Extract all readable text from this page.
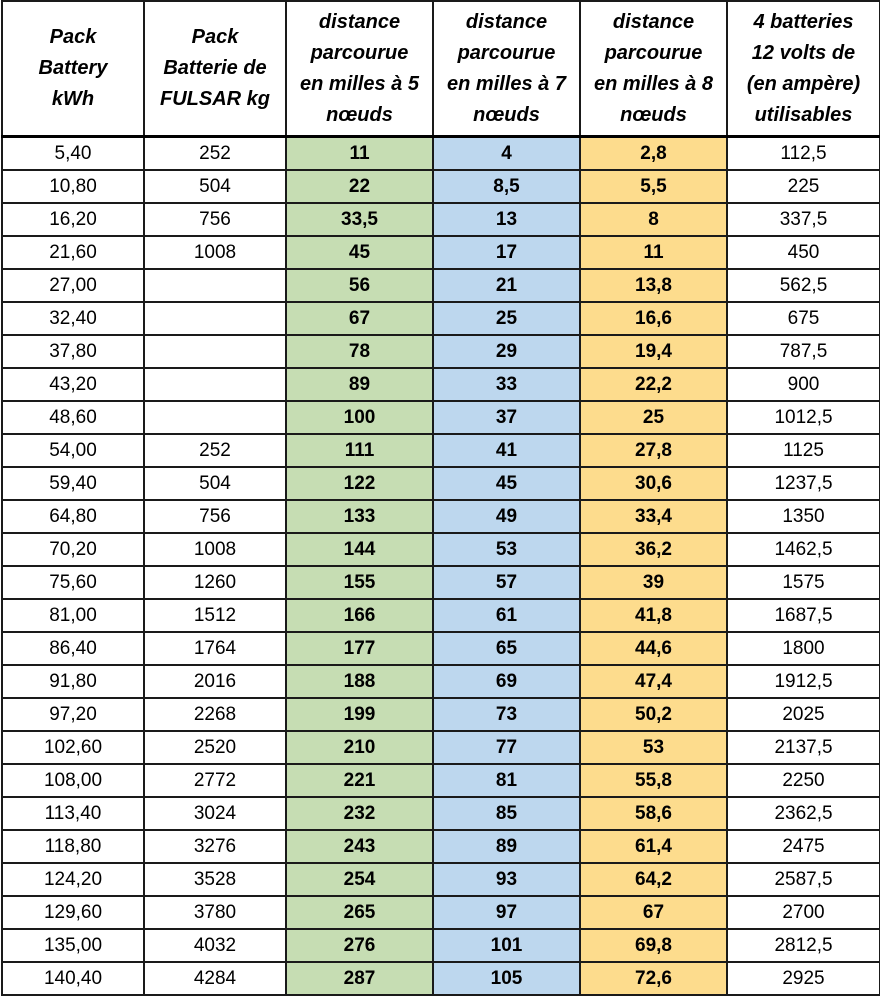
Pack
Battery
kWh	Pack
Batterie de
FULSAR kg	distance
parcourue
en milles à 5
nœuds	distance
parcourue
en milles à 7
nœuds	distance
parcourue
en milles à 8
nœuds	4 batteries
12 volts de
(en ampère)
utilisables
5,40	252	11	4	2,8	112,5
10,80	504	22	8,5	5,5	225
16,20	756	33,5	13	8	337,5
21,60	1008	45	17	11	450
27,00		56	21	13,8	562,5
32,40		67	25	16,6	675
37,80		78	29	19,4	787,5
43,20		89	33	22,2	900
48,60		100	37	25	1012,5
54,00	252	111	41	27,8	1125
59,40	504	122	45	30,6	1237,5
64,80	756	133	49	33,4	1350
70,20	1008	144	53	36,2	1462,5
75,60	1260	155	57	39	1575
81,00	1512	166	61	41,8	1687,5
86,40	1764	177	65	44,6	1800
91,80	2016	188	69	47,4	1912,5
97,20	2268	199	73	50,2	2025
102,60	2520	210	77	53	2137,5
108,00	2772	221	81	55,8	2250
113,40	3024	232	85	58,6	2362,5
118,80	3276	243	89	61,4	2475
124,20	3528	254	93	64,2	2587,5
129,60	3780	265	97	67	2700
135,00	4032	276	101	69,8	2812,5
140,40	4284	287	105	72,6	2925
